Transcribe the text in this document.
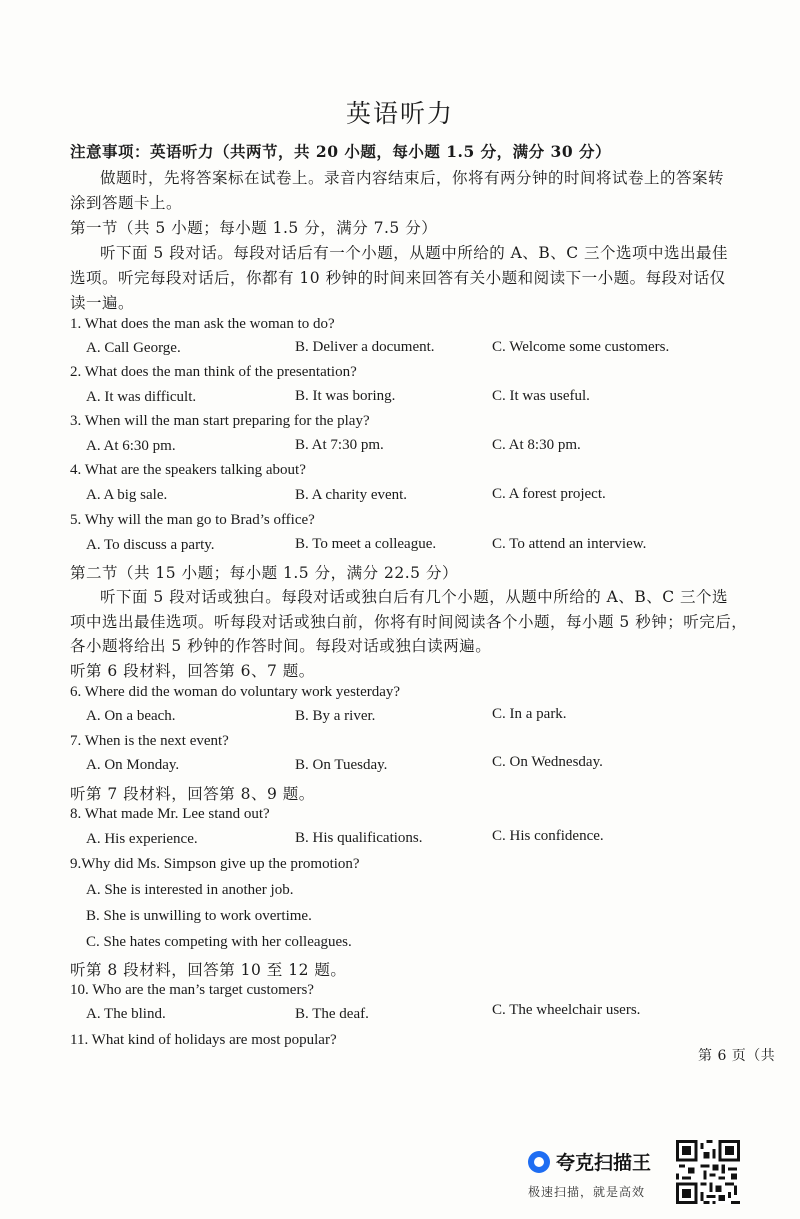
英语听力
注意事项：英语听力（共两节，共 20 小题，每小题 1.5 分，满分 30 分）
做题时，先将答案标在试卷上。录音内容结束后，你将有两分钟的时间将试卷上的答案转
涂到答题卡上。
第一节（共 5 小题；每小题 1.5 分，满分 7.5 分）
听下面 5 段对话。每段对话后有一个小题，从题中所给的 A、B、C 三个选项中选出最佳
选项。听完每段对话后，你都有 10 秒钟的时间来回答有关小题和阅读下一小题。每段对话仅
读一遍。
1. What does the man ask the woman to do?
A. Call George.	B. Deliver a document.	C. Welcome some customers.
2. What does the man think of the presentation?
A. It was difficult.	B. It was boring.	C. It was useful.
3. When will the man start preparing for the play?
A. At 6:30 pm.	B. At 7:30 pm.	C. At 8:30 pm.
4. What are the speakers talking about?
A. A big sale.	B. A charity event.	C. A forest project.
5. Why will the man go to Brad’s office?
A. To discuss a party.	B. To meet a colleague.	C. To attend an interview.
第二节（共 15 小题；每小题 1.5 分，满分 22.5 分）
听下面 5 段对话或独白。每段对话或独白后有几个小题，从题中所给的 A、B、C 三个选
项中选出最佳选项。听每段对话或独白前，你将有时间阅读各个小题，每小题 5 秒钟；听完后，
各小题将给出 5 秒钟的作答时间。每段对话或独白读两遍。
听第 6 段材料，回答第 6、7 题。
6. Where did the woman do voluntary work yesterday?
A. On a beach.	B. By a river.	C. In a park.
7. When is the next event?
A. On Monday.	B. On Tuesday.	C. On Wednesday.
听第 7 段材料，回答第 8、9 题。
8. What made Mr. Lee stand out?
A. His experience.	B. His qualifications.	C. His confidence.
9.Why did Ms. Simpson give up the promotion?
A. She is interested in another job.
B. She is unwilling to work overtime.
C. She hates competing with her colleagues.
听第 8 段材料，回答第 10 至 12 题。
10. Who are the man’s target customers?
A. The blind.	B. The deaf.	C. The wheelchair users.
11. What kind of holidays are most popular?
第 6 页（共
夸克扫描王
极速扫描，就是高效
